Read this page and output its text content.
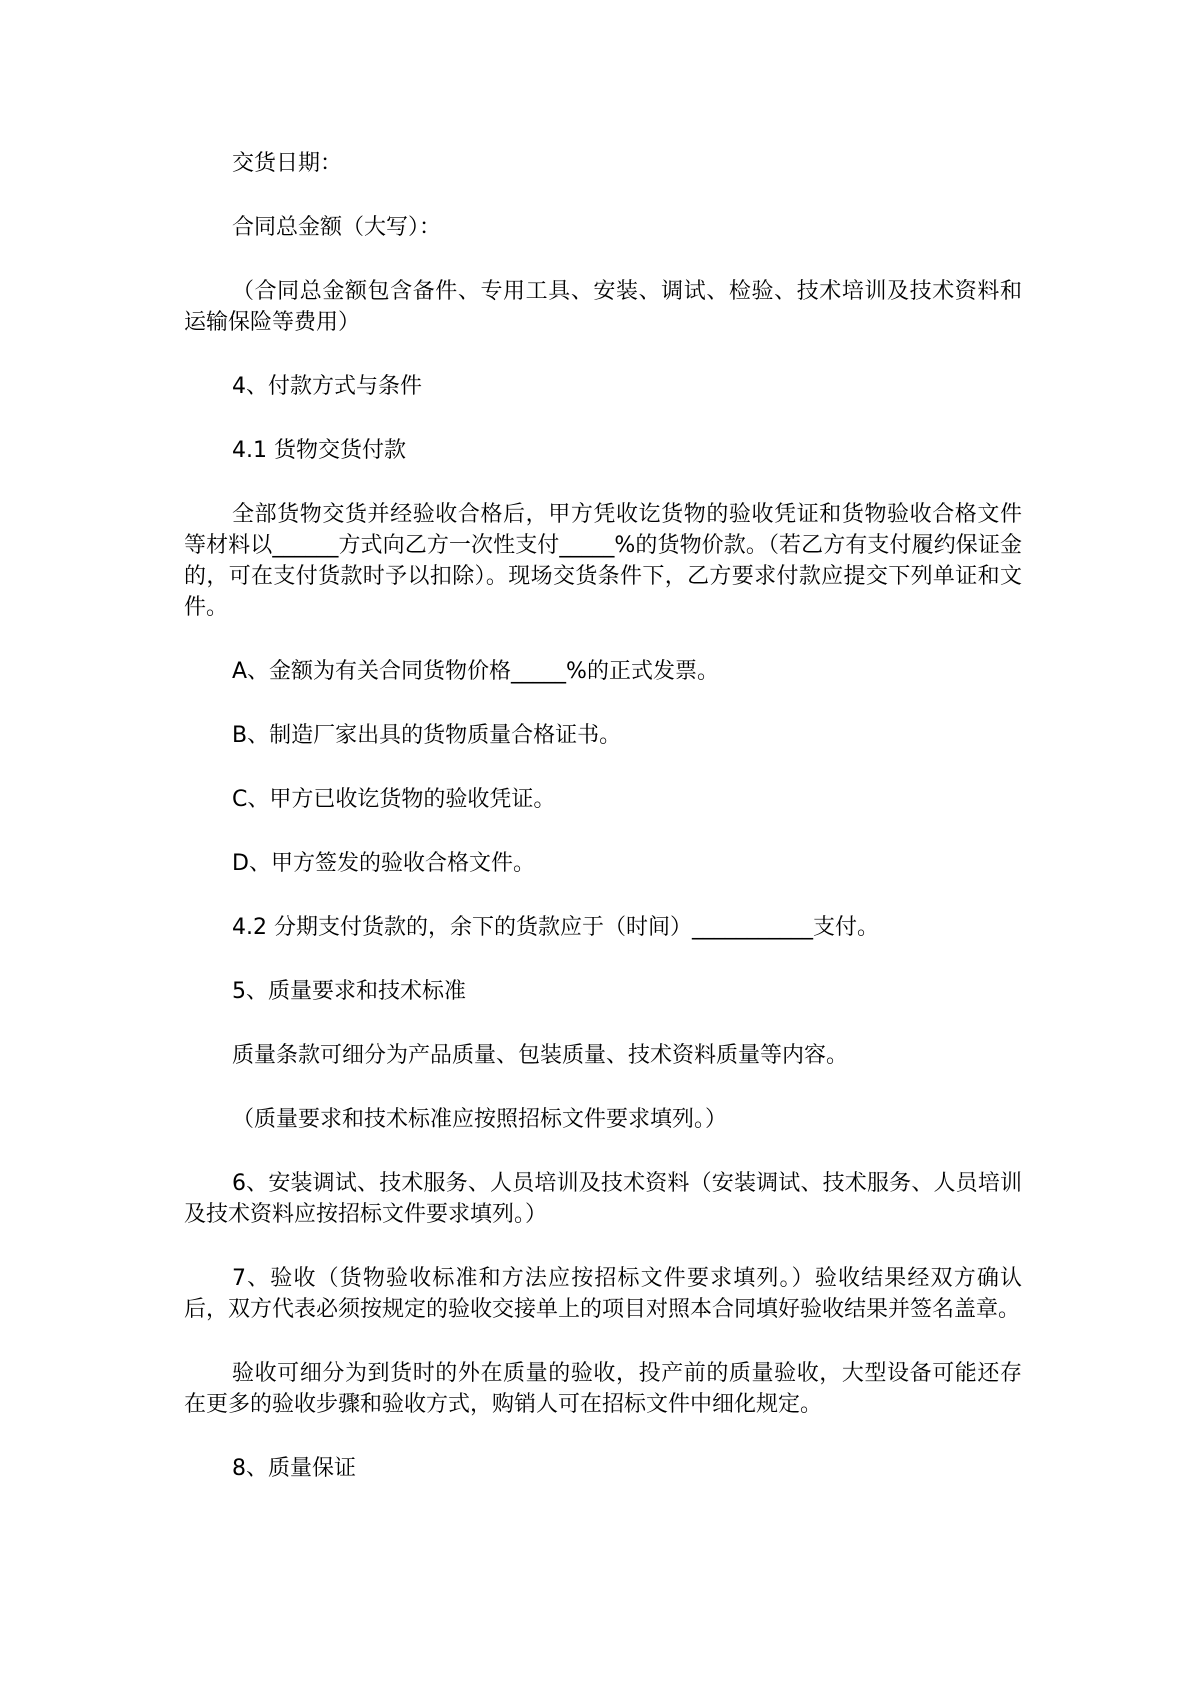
交货日期：

合同总金额（大写）：

（合同总金额包含备件、专用工具、安装、调试、检验、技术培训及技术资料和运输保险等费用）

4、付款方式与条件

4.1 货物交货付款

全部货物交货并经验收合格后，甲方凭收讫货物的验收凭证和货物验收合格文件等材料以______方式向乙方一次性支付_____%的货物价款。（若乙方有支付履约保证金的，可在支付货款时予以扣除）。现场交货条件下，乙方要求付款应提交下列单证和文件。

A、金额为有关合同货物价格_____%的正式发票。

B、制造厂家出具的货物质量合格证书。

C、甲方已收讫货物的验收凭证。

D、甲方签发的验收合格文件。

4.2 分期支付货款的，余下的货款应于（时间）___________支付。

5、质量要求和技术标准

质量条款可细分为产品质量、包装质量、技术资料质量等内容。

（质量要求和技术标准应按照招标文件要求填列。）

6、安装调试、技术服务、人员培训及技术资料（安装调试、技术服务、人员培训及技术资料应按招标文件要求填列。）

7、验收（货物验收标准和方法应按招标文件要求填列。）验收结果经双方确认后，双方代表必须按规定的验收交接单上的项目对照本合同填好验收结果并签名盖章。

验收可细分为到货时的外在质量的验收，投产前的质量验收，大型设备可能还存在更多的验收步骤和验收方式，购销人可在招标文件中细化规定。

8、质量保证
